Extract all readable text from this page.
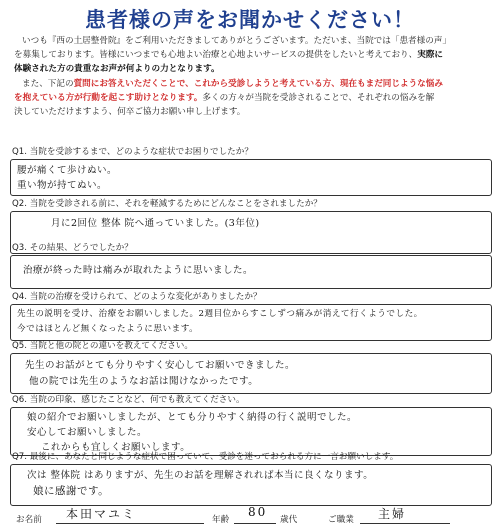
患者様の声をお聞かせください！
いつも『西の土居整骨院』をご利用いただきましてありがとうございます。ただいま、当院では「患者様の声」
を募集しております。皆様にいつまでも心地よい治療と心地よいサービスの提供をしたいと考えており、実際に
体験された方の貴重なお声が何よりの力となります。
また、下記の質問にお答えいただくことで、これから受診しようと考えている方、現在もまだ同じような悩み
を抱えている方が行動を起こす助けとなります。多くの方々が当院を受診されることで、それぞれの悩みを解
決していただけますよう、何卒ご協力お願い申し上げます。
Q1. 当院を受診するまで、どのような症状でお困りでしたか？
腰が痛くて歩けぬい。
重い物が持てぬい。
Q2. 当院を受診される前に、それを軽減するためにどんなことをされましたか？
月に2回位 整体 院へ通っていました。(3年位)
Q3. その結果、どうでしたか？
治療が終った時は痛みが取れたように思いました。
Q4. 当院の治療を受けられて、どのような変化がありましたか？
先生の説明を受け、治療をお願いしました。2週目位からすこしずつ痛みが消えて行くようでした。
今ではほとんど無くなったように思います。
Q5. 当院と他の院との違いを教えてください。
先生のお話がとても分りやすく安心してお願いできました。
他の院では先生のようなお話は聞けなかったです。
Q6. 当院の印象、感じたことなど、何でも教えてください。
娘の紹介でお願いしましたが、とても分りやすく納得の行く説明でした。
安心してお願いしました。
これからも宜しくお願いします。
Q7. 最後に、あなたと同じような症状で困っていて、受診を迷っておられる方に一言お願いします。
次は 整体院 はありますが、先生のお話を理解されれば本当に良くなります。
娘に感謝です。
お名前 本田マユミ	年齢
80
歳代	ご職業 主婦
